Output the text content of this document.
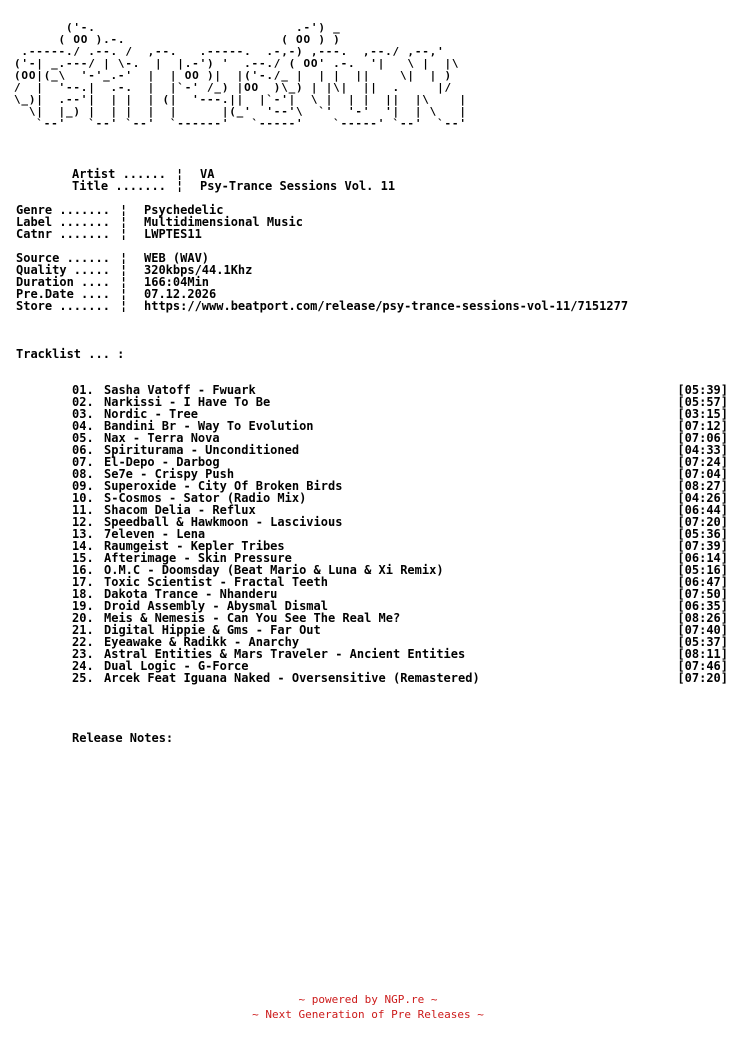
('-.                           .-') _
( OO ).-.                     ( OO ) )
.-----./ .--. /  ,--.   .-----.  .-,-) ,---.  ,--./ ,--,'
('-| _.---/ | \-.  |  |.-') '  .--./ ( OO' .-.  '|   \ |  |\
(OO|(_\  '-'_.-'  |  | OO )|  |('-./_ |  | |  ||    \|  | )
/  |  '--.|  .-.  |  |`-' /_) |OO  )\_) | |\|  ||  .     |/
\_)|  .--'|  | |  | (|  '---.||  |`-'|  \ |  | |  ||  |\    |
\|  |_) |  | |  |  |      |(_'  '--'\  `'  '-'  '|  | \   |
`--'   `--' `--'  `------'   `-----'    `-----' `--'  `--'
Artist ...... ¦ VA
Title ....... ¦ Psy-Trance Sessions Vol. 11
Genre ....... ¦ Psychedelic
Label ....... ¦ Multidimensional Music
Catnr ....... ¦ LWPTES11
Source ...... ¦ WEB (WAV)
Quality ..... ¦ 320kbps/44.1Khz
Duration .... ¦ 166:04Min
Pre.Date .... ¦ 07.12.2026
Store ....... ¦ https://www.beatport.com/release/psy-trance-sessions-vol-11/7151277
Tracklist ... :
01. Sasha Vatoff - Fwuark	[05:39]
02. Narkissi - I Have To Be	[05:57]
03. Nordic - Tree	[03:15]
04. Bandini Br - Way To Evolution	[07:12]
05. Nax - Terra Nova	[07:06]
06. Spiriturama - Unconditioned	[04:33]
07. El-Depo - Darbog	[07:24]
08. Se7e - Crispy Push	[07:04]
09. Superoxide - City Of Broken Birds	[08:27]
10. S-Cosmos - Sator (Radio Mix)	[04:26]
11. Shacom Delia - Reflux	[06:44]
12. Speedball & Hawkmoon - Lascivious	[07:20]
13. 7eleven - Lena	[05:36]
14. Raumgeist - Kepler Tribes	[07:39]
15. Afterimage - Skin Pressure	[06:14]
16. O.M.C - Doomsday (Beat Mario & Luna & Xi Remix)	[05:16]
17. Toxic Scientist - Fractal Teeth	[06:47]
18. Dakota Trance - Nhanderu	[07:50]
19. Droid Assembly - Abysmal Dismal	[06:35]
20. Meis & Nemesis - Can You See The Real Me?	[08:26]
21. Digital Hippie & Gms - Far Out	[07:40]
22. Eyeawake & Radikk - Anarchy	[05:37]
23. Astral Entities & Mars Traveler - Ancient Entities	[08:11]
24. Dual Logic - G-Force	[07:46]
25. Arcek Feat Iguana Naked - Oversensitive (Remastered)	[07:20]
Release Notes:
~ powered by NGP.re ~
~ Next Generation of Pre Releases ~
